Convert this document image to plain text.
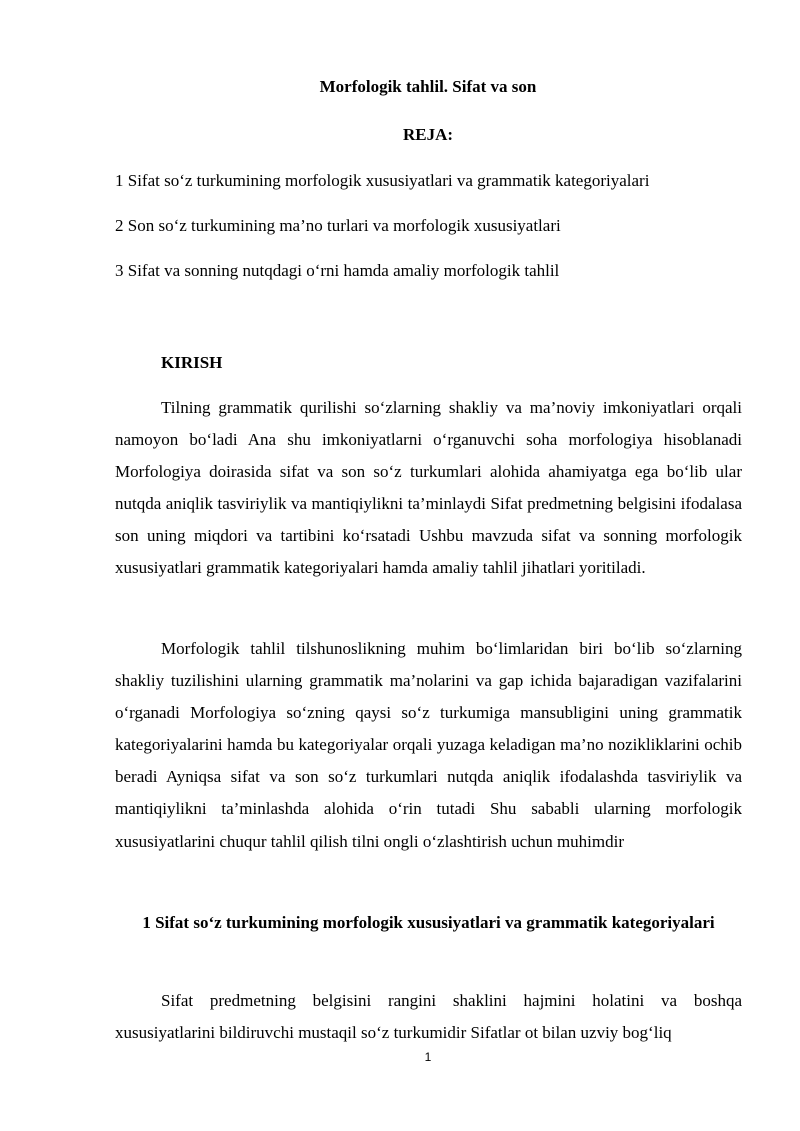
Morfologik tahlil. Sifat va son
REJA:
1 Sifat so‘z turkumining morfologik xususiyatlari va grammatik kategoriyalari
2 Son so‘z turkumining ma’no turlari va morfologik xususiyatlari
3 Sifat va sonning nutqdagi o‘rni hamda amaliy morfologik tahlil
KIRISH

Tilning grammatik qurilishi so‘zlarning shakliy va ma’noviy imkoniyatlari orqali namoyon bo‘ladi Ana shu imkoniyatlarni o‘rganuvchi soha morfologiya hisoblanadi Morfologiya doirasida sifat va son so‘z turkumlari alohida ahamiyatga ega bo‘lib ular nutqda aniqlik tasviriylik va mantiqiylikni ta’minlaydi Sifat predmetning belgisini ifodalasa son uning miqdori va tartibini ko‘rsatadi Ushbu mavzuda sifat va sonning morfologik xususiyatlari grammatik kategoriyalari hamda amaliy tahlil jihatlari yoritiladi.

Morfologik tahlil tilshunoslikning muhim bo‘limlaridan biri bo‘lib so‘zlarning shakliy tuzilishini ularning grammatik ma’nolarini va gap ichida bajaradigan vazifalarini o‘rganadi Morfologiya so‘zning qaysi so‘z turkumiga mansubligini uning grammatik kategoriyalarini hamda bu kategoriyalar orqali yuzaga keladigan ma’no nozikliklarini ochib beradi Ayniqsa sifat va son so‘z turkumlari nutqda aniqlik ifodalashda tasviriylik va mantiqiylikni ta’minlashda alohida o‘rin tutadi Shu sababli ularning morfologik xususiyatlarini chuqur tahlil qilish tilni ongli o‘zlashtirish uchun muhimdir

1 Sifat so‘z turkumining morfologik xususiyatlari va grammatik kategoriyalari

Sifat predmetning belgisini rangini shaklini hajmini holatini va boshqa xususiyatlarini bildiruvchi mustaqil so‘z turkumidir Sifatlar ot bilan uzviy bog‘liq

1
